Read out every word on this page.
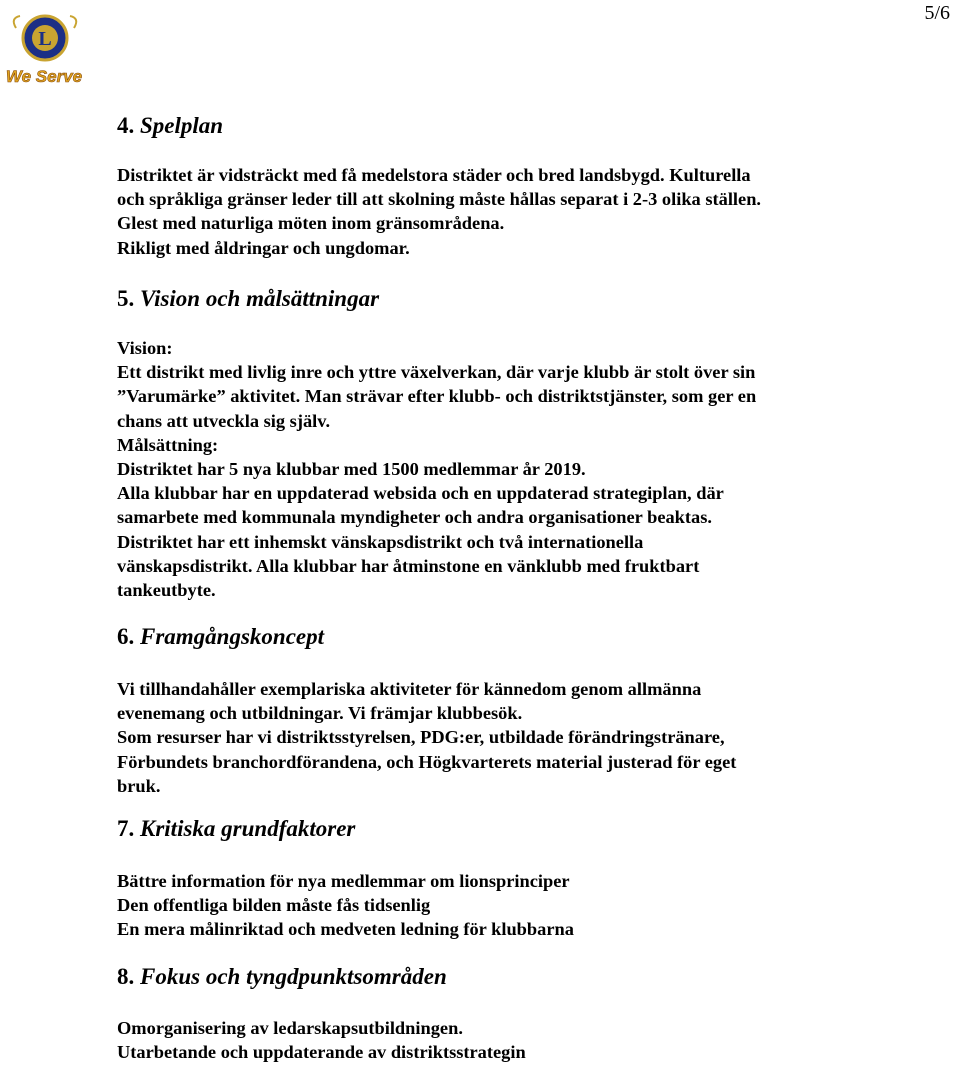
5/6
L
We Serve
4. Spelplan
Distriktet är vidsträckt med få medelstora städer och bred landsbygd. Kulturella
och språkliga gränser leder till att skolning måste hållas separat i 2-3 olika ställen.
Glest med naturliga möten inom gränsområdena.
Rikligt med åldringar och ungdomar.
5. Vision och målsättningar
Vision:
Ett distrikt med livlig inre och yttre växelverkan, där varje klubb är stolt över sin
”Varumärke” aktivitet. Man strävar efter klubb- och distriktstjänster, som ger en
chans att utveckla sig själv.
Målsättning:
Distriktet har 5 nya klubbar med 1500 medlemmar år 2019.
Alla klubbar har en uppdaterad websida och en uppdaterad strategiplan, där
samarbete med kommunala myndigheter och andra organisationer beaktas.
Distriktet har ett inhemskt vänskapsdistrikt och två internationella
vänskapsdistrikt. Alla klubbar har åtminstone en vänklubb med fruktbart
tankeutbyte.
6. Framgångskoncept
Vi tillhandahåller exemplariska aktiviteter för kännedom genom allmänna
evenemang och utbildningar. Vi främjar klubbesök.
Som resurser har vi distriktsstyrelsen, PDG:er, utbildade förändringstränare,
Förbundets branchordförandena, och Högkvarterets material justerad för eget
bruk.
7. Kritiska grundfaktorer
Bättre information för nya medlemmar om lionsprinciper
Den offentliga bilden måste fås tidsenlig
En mera målinriktad och medveten ledning för klubbarna
8. Fokus och tyngdpunktsområden
Omorganisering av ledarskapsutbildningen.
Utarbetande och uppdaterande av distriktsstrategin
